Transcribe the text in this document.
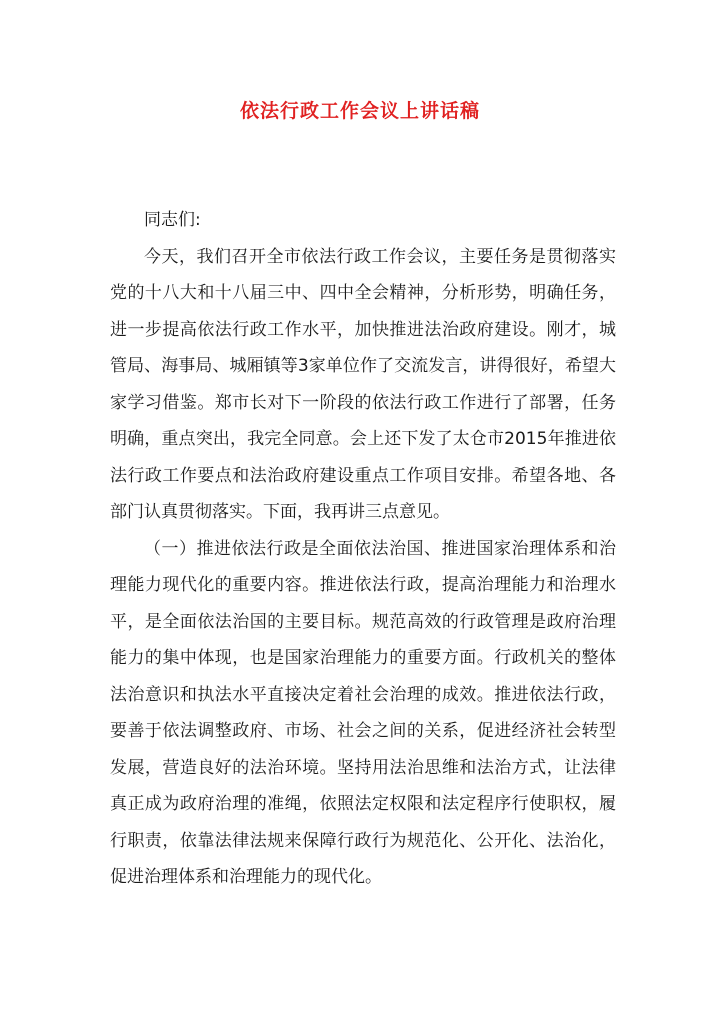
依法行政工作会议上讲话稿

同志们:

今天，我们召开全市依法行政工作会议，主要任务是贯彻落实党的十八大和十八届三中、四中全会精神，分析形势，明确任务，进一步提高依法行政工作水平，加快推进法治政府建设。刚才，城管局、海事局、城厢镇等3家单位作了交流发言，讲得很好，希望大家学习借鉴。郑市长对下一阶段的依法行政工作进行了部署，任务明确，重点突出，我完全同意。会上还下发了太仓市2015年推进依法行政工作要点和法治政府建设重点工作项目安排。希望各地、各部门认真贯彻落实。下面，我再讲三点意见。

（一）推进依法行政是全面依法治国、推进国家治理体系和治理能力现代化的重要内容。推进依法行政，提高治理能力和治理水平，是全面依法治国的主要目标。规范高效的行政管理是政府治理能力的集中体现，也是国家治理能力的重要方面。行政机关的整体法治意识和执法水平直接决定着社会治理的成效。推进依法行政，要善于依法调整政府、市场、社会之间的关系，促进经济社会转型发展，营造良好的法治环境。坚持用法治思维和法治方式，让法律真正成为政府治理的准绳，依照法定权限和法定程序行使职权，履行职责，依靠法律法规来保障行政行为规范化、公开化、法治化，促进治理体系和治理能力的现代化。
